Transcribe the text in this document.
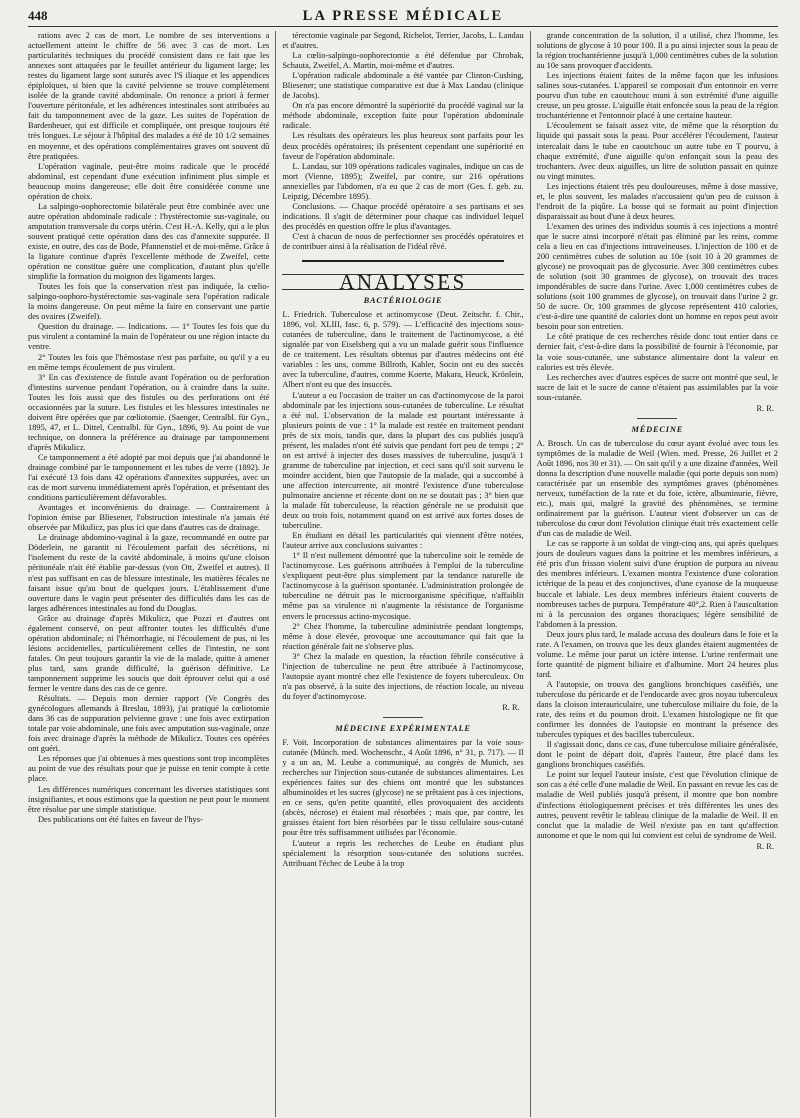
448	LA PRESSE MÉDICALE

rations avec 2 cas de mort. Le nombre de ses interventions a actuellement atteint le chiffre de 56 avec 3 cas de mort. Les particularités techniques du procédé consistent dans ce fait que les annexes sont attaquées par le feuillet antérieur du ligament large; les restes du ligament large sont suturés avec l'S iliaque et les appendices épiploïques, si bien que la cavité pelvienne se trouve complètement isolée de la grande cavité abdominale. On renonce a priori à fermer l'ouverture péritonéale, et les adhérences intestinales sont attribuées au fait du tamponnement avec de la gaze. Les suites de l'opération de Bardenheuer, qui est difficile et compliquée, ont presque toujours été très longues. Le séjour à l'hôpital des malades a été de 10 1/2 semaines en moyenne, et des opérations complémentaires graves ont souvent dû être pratiquées.

L'opération vaginale, peut-être moins radicale que le procédé abdominal, est cependant d'une exécution infiniment plus simple et beaucoup moins dangereuse; elle doit être considérée comme une opération de choix.

La salpingo-oophorectomie bilatérale peut être combinée avec une autre opération abdominale radicale : l'hystérectomie sus-vaginale, ou amputation transversale du corps utérin. C'est H.-A. Kelly, qui a le plus souvent pratiqué cette opération dans des cas d'annexite suppurée. Il existe, en outre, des cas de Bode, Pfannenstiel et de moi-même. Grâce à la ligature continue d'après l'excellente méthode de Zweifel, cette opération ne constitue guère une complication, d'autant plus qu'elle simplifie la formation du moignon des ligaments larges.

Toutes les fois que la conservation n'est pas indiquée, la cœlio-salpingo-oophoro-hystérectomie sus-vaginale sera l'opération radicale la moins dangereuse. On peut même la faire en conservant une partie des ovaires (Zweifel).

Question du drainage. — Indications. — 1° Toutes les fois que du pus virulent a contaminé la main de l'opérateur ou une région intacte du ventre.

2° Toutes les fois que l'hémostase n'est pas parfaite, ou qu'il y a eu en même temps écoulement de pus virulent.

3° En cas d'existence de fistule avant l'opération ou de perforation d'intestins survenue pendant l'opération, ou à craindre dans la suite. Toutes les fois aussi que des fistules ou des perforations ont été occasionnées par la suture. Les fistules et les blessures intestinales ne doivent être opérées que par cœliotomie. (Saenger, Centralbl. für Gyn., 1895, 47, et L. Dittel, Centralbl. für Gyn., 1896, 9). Au point de vue technique, on donnera la préférence au drainage par tamponnement d'après Mikulicz.

Ce tamponnement a été adopté par moi depuis que j'ai abandonné le drainage combiné par le tamponnement et les tubes de verre (1892). Je l'ai exécuté 13 fois dans 42 opérations d'annexites suppurées, avec un cas de mort survenu immédiatement après l'opération, et présentant des conditions particulièrement défavorables.

Avantages et inconvénients du drainage. — Contrairement à l'opinion émise par Bliesener, l'obstruction intestinale n'a jamais été observée par Mikulicz, pas plus ici que dans d'autres cas de drainage.

Le drainage abdomino-vaginal à la gaze, recommandé en outre par Döderlein, ne garantit ni l'écoulement parfait des sécrétions, ni l'isolement du reste de la cavité abdominale, à moins qu'une cloison péritonéale n'ait été établie par-dessus (von Ott, Zweifel et autres). Il n'est pas suffisant en cas de blessure intestinale, les matières fécales ne faisant issue qu'au bout de quelques jours. L'établissement d'une ouverture dans le vagin peut présenter des difficultés dans les cas de larges adhérences intestinales au fond du Douglas.

Grâce au drainage d'après Mikulicz, que Pozzi et d'autres ont également conservé, on peut affronter toutes les difficultés d'une opération abdominale; ni l'hémorrhagie, ni l'écoulement de pus, ni les lésions accidentelles, particulièrement celles de l'intestin, ne sont fatales. On peut toujours garantir la vie de la malade, quitte à amener plus tard, sans grande difficulté, la guérison définitive. Le tamponnement supprime les soucis que doit éprouver celui qui a osé fermer le ventre dans des cas de ce genre.

Résultats. — Depuis mon dernier rapport (Ve Congrès des gynécologues allemands à Breslau, 1893), j'ai pratiqué la cœliotomie dans 36 cas de suppuration pelvienne grave : une fois avec extirpation totale par voie abdominale, une fois avec amputation sus-vaginale, onze fois avec drainage d'après la méthode de Mikulicz. Toutes ces opérées ont guéri.

Les réponses que j'ai obtenues à mes questions sont trop incomplètes au point de vue des résultats pour que je puisse en tenir compte à cette place.

Les différences numériques concernant les diverses statistiques sont insignifiantes, et nous estimons que la question ne peut pour le moment être résolue par une simple statistique.

Des publications ont été faites en faveur de l'hys-

térectomie vaginale par Segond, Richelot, Terrier, Jacobs, L. Landau et d'autres.

La cœlio-salpingo-oophorectomie a été défendue par Chrobak, Schauta, Zweifel, A. Martin, moi-même et d'autres.

L'opération radicale abdominale a été vantée par Clinton-Cushing, Bliesener; une statistique comparative est due à Max Landau (clinique de Jacobs).

On n'a pas encore démontré la supériorité du procédé vaginal sur la méthode abdominale, exception faite pour l'opération abdominale radicale.

Les résultats des opérateurs les plus heureux sont parfaits pour les deux procédés opératoires; ils présentent cependant une supériorité en faveur de l'opération abdominale.

L. Landau, sur 109 opérations radicales vaginales, indique un cas de mort (Vienne, 1895); Zweifel, par contre, sur 216 opérations annexielles par l'abdomen, n'a eu que 2 cas de mort (Ges. f. geb. zu. Leipzig, Décembre 1895).

Conclusions. — Chaque procédé opératoire a ses partisans et ses indications. Il s'agit de déterminer pour chaque cas individuel lequel des procédés en question offre le plus d'avantages.

C'est à chacun de nous de perfectionner ses procédés opératoires et de contribuer ainsi à la réalisation de l'idéal rêvé.

ANALYSES
BACTÉRIOLOGIE

L. Friedrich. Tuberculose et actinomycose (Deut. Zeitschr. f. Chir., 1896, vol. XLIII, fasc. 6, p. 579). — L'efficacité des injections sous-cutanées de tuberculine, dans le traitement de l'actinomycose, a été signalée par von Eiselsberg qui a vu un malade guérir sous l'influence de ce traitement. Les résultats obtenus par d'autres médecins ont été variables : les uns, comme Billroth, Kahler, Socin ont eu des succès avec la tuberculine, d'autres, comme Koerte, Makara, Heuck, Krönlein, Albert n'ont eu que des insuccès.

L'auteur a eu l'occasion de traiter un cas d'actinomycose de la paroi abdominale par les injections sous-cutanées de tuberculine. Le résultat a été nul. L'observation de la malade est pourtant intéressante à plusieurs points de vue : 1° la malade est restée en traitement pendant près de six mois, tandis que, dans la plupart des cas publiés jusqu'à présent, les malades n'ont été suivis que pendant fort peu de temps ; 2° on est arrivé à injecter des doses massives de tuberculine, jusqu'à 1 gramme de tuberculine par injection, et ceci sans qu'il soit survenu le moindre accident, bien que l'autopsie de la malade, qui a succombé à une affection intercurrente, ait montré l'existence d'une tuberculose pulmonaire ancienne et récente dont on ne se doutait pas ; 3° bien que la malade fût tuberculeuse, la réaction générale ne se produisit que deux ou trois fois, notamment quand on est arrivé aux fortes doses de tuberculine.

En étudiant en détail les particularités qui viennent d'être notées, l'auteur arrive aux conclusions suivantes :

1° Il n'est nullement démontré que la tuberculine soit le remède de l'actinomycose. Les guérisons attribuées à l'emploi de la tuberculine s'expliquent peut-être plus simplement par la tendance naturelle de l'actinomycose à la guérison spontanée. L'administration prolongée de tuberculine ne détruit pas le microorganisme spécifique, n'affaiblit même pas sa virulence ni n'augmente la résistance de l'organisme envers le processus actino-mycosique.

2° Chez l'homme, la tuberculine administrée pendant longtemps, même à dose élevée, provoque une accoutumance qui fait que la réaction générale fait ne s'observe plus.

3° Chez la malade en question, la réaction fébrile consécutive à l'injection de tuberculine ne peut être attribuée à l'actinomycose, l'autopsie ayant montré chez elle l'existence de foyers tuberculeux. On n'a pas observé, à la suite des injections, de réaction locale, au niveau du foyer d'actinomycose.

R. R.
MÉDECINE EXPÉRIMENTALE

F. Voit. Incorporation de substances alimentaires par la voie sous-cutanée (Münch. med. Wochenschr., 4 Août 1896, n° 31, p. 717). — Il y a un an, M. Leube a communiqué, au congrès de Munich, ses recherches sur l'injection sous-cutanée de substances alimentaires. Les expériences faites sur des chiens ont montré que les substances albuminoïdes et les sucres (glycose) ne se prêtaient pas à ces injections, en ce sens, qu'en petite quantité, elles provoquaient des accidents (abcès, nécrose) et étaient mal résorbées ; mais que, par contre, les graisses étaient fort bien résorbées par le tissu cellulaire sous-cutané pour être très suffisamment utilisées par l'économie.

L'auteur a repris les recherches de Leube en étudiant plus spécialement la résorption sous-cutanée des solutions sucrées. Attribuant l'échec de Leube à la trop

grande concentration de la solution, il a utilisé, chez l'homme, les solutions de glycose à 10 pour 100. Il a pu ainsi injecter sous la peau de la région trochantérienne jusqu'à 1,000 centimètres cubes de la solution au 10e sans provoquer d'accidents.

Les injections étaient faites de la même façon que les infusions salines sous-cutanées. L'appareil se composait d'un entonnoir en verre pourvu d'un tube en caoutchouc muni à son extrémité d'une aiguille creuse, un peu grosse. L'aiguille était enfoncée sous la peau de la région trochantérienne et l'entonnoir placé à une certaine hauteur.

L'écoulement se faisait assez vite, de même que la résorption du liquide qui passait sous la peau. Pour accélérer l'écoulement, l'auteur intercalait dans le tube en caoutchouc un autre tube en T pourvu, à chaque extrémité, d'une aiguille qu'on enfonçait sous la peau des trochanters. Avec deux aiguilles, un litre de solution passait en quinze ou vingt minutes.

Les injections étaient très peu douloureuses, même à dose massive, et, le plus souvent, les malades n'accusaient qu'un peu de cuisson à l'endroit de la piqûre. La bosse qui se formait au point d'injection disparaissait au bout d'une à deux heures.

L'examen des urines des individus soumis à ces injections a montré que le sucre ainsi incorporé n'était pas éliminé par les reins, comme cela a lieu en cas d'injections intraveineuses. L'injection de 100 et de 200 centimètres cubes de solution au 10e (soit 10 à 20 grammes de glycose) ne provoquait pas de glycosurie. Avec 300 centimètres cubes de solution (soit 30 grammes de glycose), on trouvait des traces impondérables de sucre dans l'urine. Avec 1,000 centimètres cubes de solutions (soit 100 grammes de glycose), on trouvait dans l'urine 2 gr. 50 de sucre. Or, 100 grammes de glycose représentent 410 calories, c'est-à-dire une quantité de calories dont un homme en repos peut avoir besoin pour son entretien.

Le côté pratique de ces recherches réside donc tout entier dans ce dernier fait, c'est-à-dire dans la possibilité de fournir à l'économie, par la voie sous-cutanée, une substance alimentaire dont la valeur en calories est très élevée.

Les recherches avec d'autres espèces de sucre ont montré que seul, le sucre de lait et le sucre de canne n'étaient pas assimilables par la voie sous-cutanée.

R. R.
MÉDECINE

A. Brosch. Un cas de tuberculose du cœur ayant évolué avec tous les symptômes de la maladie de Weil (Wien. med. Presse, 26 Juillet et 2 Août 1896, nos 30 et 31). — On sait qu'il y a une dizaine d'années, Weil donna la description d'une nouvelle maladie (qui porte depuis son nom) caractérisée par un ensemble des symptômes graves (phénomènes nerveux, tuméfaction de la rate et du foie, ictère, albuminurie, fièvre, etc.), mais qui, malgré la gravité des phénomènes, se termine ordinairement par la guérison. L'auteur vient d'observer un cas de tuberculose du cœur dont l'évolution clinique était très exactement celle d'un cas de maladie de Weil.

Le cas se rapporte à un soldat de vingt-cinq ans, qui après quelques jours de douleurs vagues dans la poitrine et les membres inférieurs, a été pris d'un frisson violent suivi d'une éruption de purpura au niveau des membres inférieurs. L'examen montra l'existence d'une coloration ictérique de la peau et des conjonctives, d'une cyanose de la muqueuse buccale et labiale. Les deux membres inférieurs étaient couverts de nombreuses taches de purpura. Température 40°,2. Rien à l'auscultation ni à la percussion des organes thoraciques; légère sensibilité de l'abdomen à la pression.

Deux jours plus tard, le malade accusa des douleurs dans le foie et la rate. A l'examen, on trouva que les deux glandes étaient augmentées de volume. Le même jour parut un ictère intense. L'urine renfermait une forte quantité de pigment biliaire et d'albumine. Mort 24 heures plus tard.

A l'autopsie, on trouva des ganglions bronchiques caséifiés, une tuberculose du péricarde et de l'endocarde avec gros noyau tuberculeux dans la cloison interauriculaire, une tuberculose miliaire du foie, de la rate, des reins et du poumon droit. L'examen histologique ne fit que confirmer les données de l'autopsie en montrant la présence des tubercules typiques et des bacilles tuberculeux.

Il s'agissait donc, dans ce cas, d'une tuberculose miliaire généralisée, dont le point de départ doit, d'après l'auteur, être placé dans les ganglions bronchiques caséifiés.

Le point sur lequel l'auteur insiste, c'est que l'évolution clinique de son cas a été celle d'une maladie de Weil. En passant en revue les cas de maladie de Weil publiés jusqu'à présent, il montre que bon nombre d'infections étiologiquement précises et très différentes les unes des autres, peuvent revêtir le tableau clinique de la maladie de Weil. Il en conclut que la maladie de Weil n'existe pas en tant qu'affection autonome et que le nom qui lui convient est celui de syndrome de Weil.

R. R.
